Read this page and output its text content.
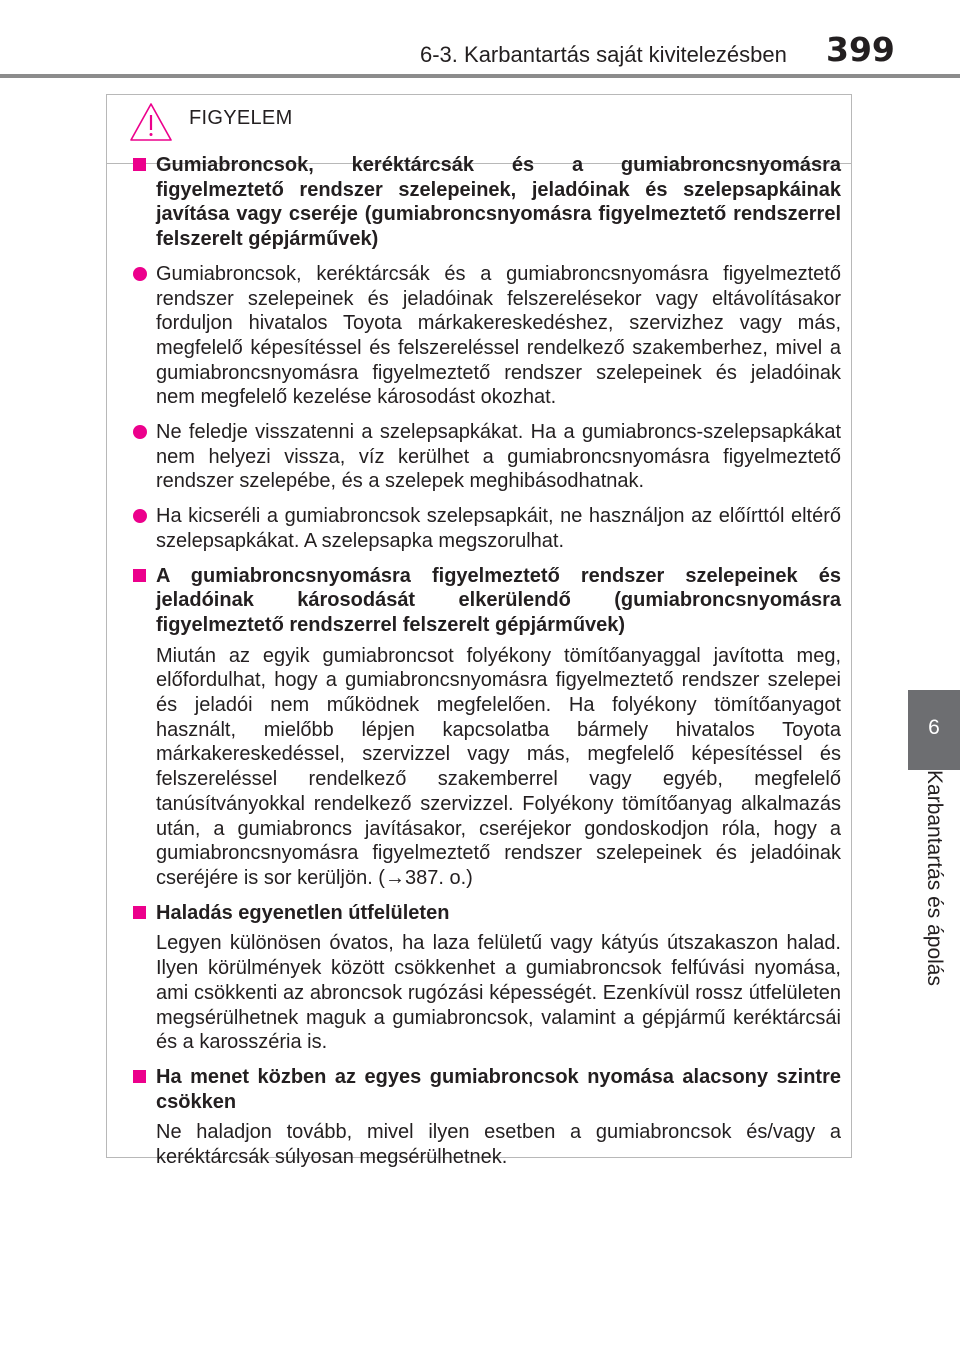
6-3. Karbantartás saját kivitelezésben 399
6
Karbantartás és ápolás
FIGYELEM
Gumiabroncsok, keréktárcsák és a gumiabroncsnyomásra figyelmeztető rendszer szelepeinek, jeladóinak és szelepsapkáinak javítása vagy cseréje (gumiabroncsnyomásra figyelmeztető rendszerrel felszerelt gépjárművek)
Gumiabroncsok, keréktárcsák és a gumiabroncsnyomásra figyelmeztető rendszer szelepeinek és jeladóinak felszerelésekor vagy eltávolításakor forduljon hivatalos Toyota márkakereskedéshez, szervizhez vagy más, megfelelő képesítéssel és felszereléssel rendelkező szakemberhez, mivel a gumiabroncsnyomásra figyelmeztető rendszer szelepeinek és jeladóinak nem megfelelő kezelése károsodást okozhat.
Ne feledje visszatenni a szelepsapkákat. Ha a gumiabroncs-szelepsapkákat nem helyezi vissza, víz kerülhet a gumiabroncsnyomásra figyelmeztető rendszer szelepébe, és a szelepek meghibásodhatnak.
Ha kicseréli a gumiabroncsok szelepsapkáit, ne használjon az előírttól eltérő szelepsapkákat. A szelepsapka megszorulhat.
A gumiabroncsnyomásra figyelmeztető rendszer szelepeinek és jeladóinak károsodását elkerülendő (gumiabroncsnyomásra figyelmeztető rendszerrel felszerelt gépjárművek)
Miután az egyik gumiabroncsot folyékony tömítőanyaggal javította meg, előfordulhat, hogy a gumiabroncsnyomásra figyelmeztető rendszer szelepei és jeladói nem működnek megfelelően. Ha folyékony tömítőanyagot használt, mielőbb lépjen kapcsolatba bármely hivatalos Toyota márkakereskedéssel, szervizzel vagy más, megfelelő képesítéssel és felszereléssel rendelkező szakemberrel vagy egyéb, megfelelő tanúsítványokkal rendelkező szervizzel. Folyékony tömítőanyag alkalmazás után, a gumiabroncs javításakor, cseréjekor gondoskodjon róla, hogy a gumiabroncsnyomásra figyelmeztető rendszer szelepeinek és jeladóinak cseréjére is sor kerüljön. (→387. o.)
Haladás egyenetlen útfelületen
Legyen különösen óvatos, ha laza felületű vagy kátyús útszakaszon halad. Ilyen körülmények között csökkenhet a gumiabroncsok felfúvási nyomása, ami csökkenti az abroncsok rugózási képességét. Ezenkívül rossz útfelületen megsérülhetnek maguk a gumiabroncsok, valamint a gépjármű keréktárcsái és a karosszéria is.
Ha menet közben az egyes gumiabroncsok nyomása alacsony szintre csökken
Ne haladjon tovább, mivel ilyen esetben a gumiabroncsok és/vagy a keréktárcsák súlyosan megsérülhetnek.
